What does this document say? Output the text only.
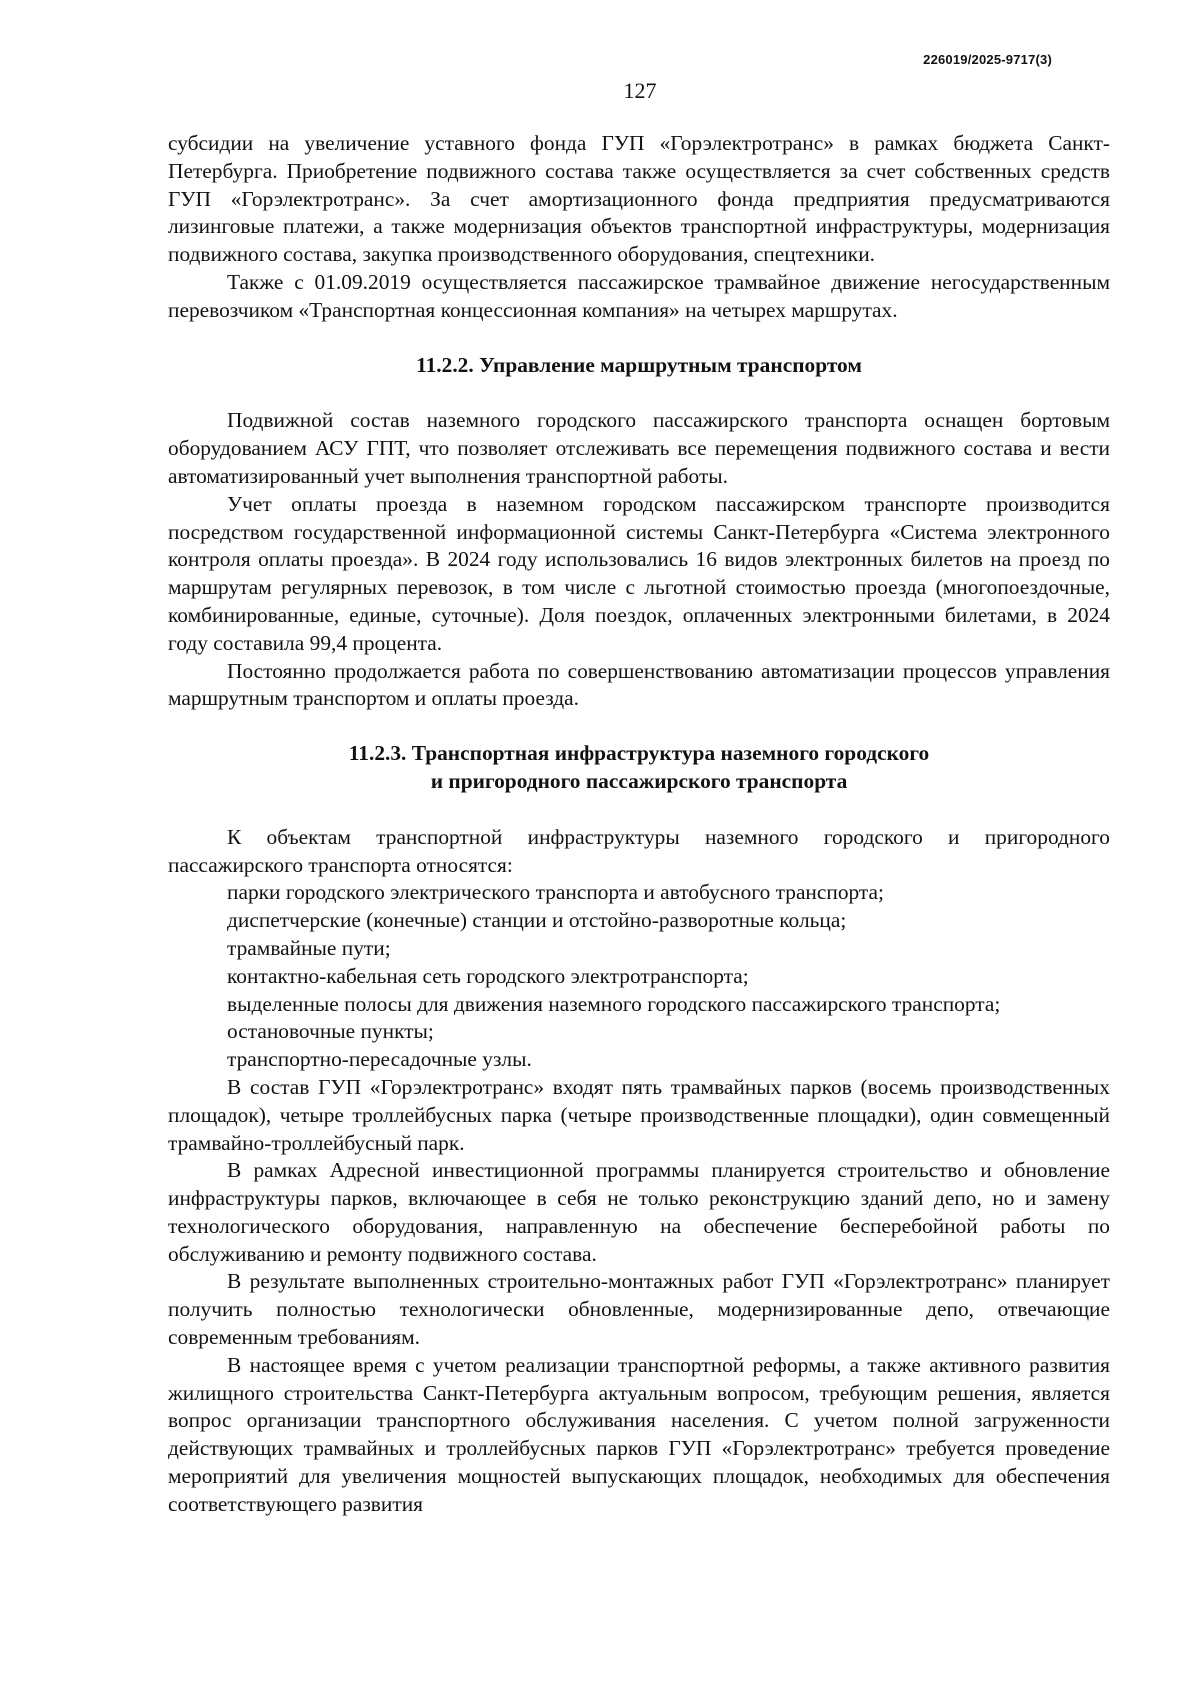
226019/2025-9717(3)
127

субсидии на увеличение уставного фонда ГУП «Горэлектротранс» в рамках бюджета Санкт-Петербурга. Приобретение подвижного состава также осуществляется за счет собственных средств ГУП «Горэлектротранс». За счет амортизационного фонда предприятия предусматриваются лизинговые платежи, а также модернизация объектов транспортной инфраструктуры, модернизация подвижного состава, закупка производственного оборудования, спецтехники.

Также с 01.09.2019 осуществляется пассажирское трамвайное движение негосударственным перевозчиком «Транспортная концессионная компания» на четырех маршрутах.

11.2.2. Управление маршрутным транспортом

Подвижной состав наземного городского пассажирского транспорта оснащен бортовым оборудованием АСУ ГПТ, что позволяет отслеживать все перемещения подвижного состава и вести автоматизированный учет выполнения транспортной работы.

Учет оплаты проезда в наземном городском пассажирском транспорте производится посредством государственной информационной системы Санкт-Петербурга «Система электронного контроля оплаты проезда». В 2024 году использовались 16 видов электронных билетов на проезд по маршрутам регулярных перевозок, в том числе с льготной стоимостью проезда (многопоездочные, комбинированные, единые, суточные). Доля поездок, оплаченных электронными билетами, в 2024 году составила 99,4 процента.

Постоянно продолжается работа по совершенствованию автоматизации процессов управления маршрутным транспортом и оплаты проезда.

11.2.3. Транспортная инфраструктура наземного городского

и пригородного пассажирского транспорта

К объектам транспортной инфраструктуры наземного городского и пригородного пассажирского транспорта относятся:

парки городского электрического транспорта и автобусного транспорта;

диспетчерские (конечные) станции и отстойно-разворотные кольца;

трамвайные пути;

контактно-кабельная сеть городского электротранспорта;

выделенные полосы для движения наземного городского пассажирского транспорта;

остановочные пункты;

транспортно-пересадочные узлы.

В состав ГУП «Горэлектротранс» входят пять трамвайных парков (восемь производственных площадок), четыре троллейбусных парка (четыре производственные площадки), один совмещенный трамвайно-троллейбусный парк.

В рамках Адресной инвестиционной программы планируется строительство и обновление инфраструктуры парков, включающее в себя не только реконструкцию зданий депо, но и замену технологического оборудования, направленную на обеспечение бесперебойной работы по обслуживанию и ремонту подвижного состава.

В результате выполненных строительно-монтажных работ ГУП «Горэлектротранс» планирует получить полностью технологически обновленные, модернизированные депо, отвечающие современным требованиям.

В настоящее время с учетом реализации транспортной реформы, а также активного развития жилищного строительства Санкт-Петербурга актуальным вопросом, требующим решения, является вопрос организации транспортного обслуживания населения. С учетом полной загруженности действующих трамвайных и троллейбусных парков ГУП «Горэлектротранс» требуется проведение мероприятий для увеличения мощностей выпускающих площадок, необходимых для обеспечения соответствующего развития
